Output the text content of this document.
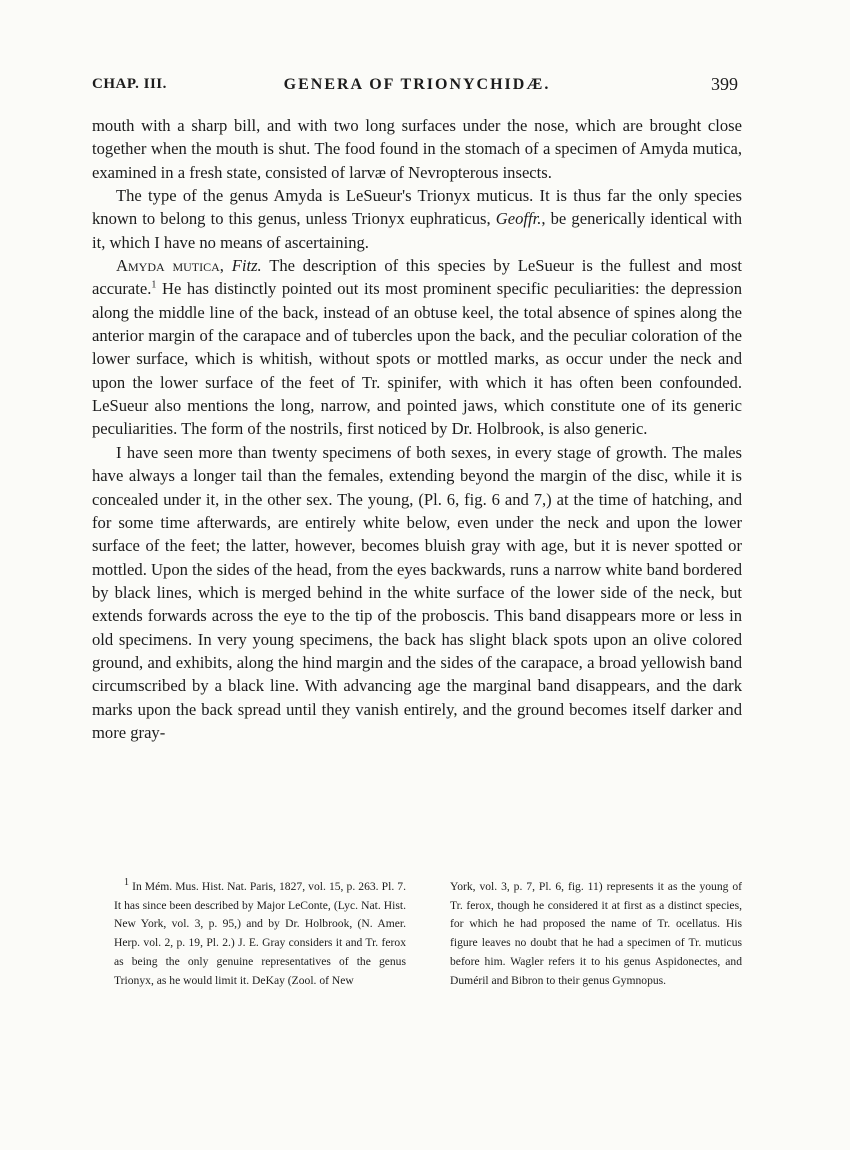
CHAP. III.	GENERA OF TRIONYCHIDÆ.	399

mouth with a sharp bill, and with two long surfaces under the nose, which are brought close together when the mouth is shut. The food found in the stomach of a specimen of Amyda mutica, examined in a fresh state, consisted of larvæ of Nevropterous insects.

The type of the genus Amyda is LeSueur's Trionyx muticus. It is thus far the only species known to belong to this genus, unless Trionyx euphraticus, Geoffr., be generically identical with it, which I have no means of ascertaining.

Amyda mutica, Fitz. The description of this species by LeSueur is the fullest and most accurate.$^1$ He has distinctly pointed out its most prominent specific peculiarities: the depression along the middle line of the back, instead of an obtuse keel, the total absence of spines along the anterior margin of the carapace and of tubercles upon the back, and the peculiar coloration of the lower surface, which is whitish, without spots or mottled marks, as occur under the neck and upon the lower surface of the feet of Tr. spinifer, with which it has often been confounded. LeSueur also mentions the long, narrow, and pointed jaws, which constitute one of its generic peculiarities. The form of the nostrils, first noticed by Dr. Holbrook, is also generic.

I have seen more than twenty specimens of both sexes, in every stage of growth. The males have always a longer tail than the females, extending beyond the margin of the disc, while it is concealed under it, in the other sex. The young, (Pl. 6, fig. 6 and 7,) at the time of hatching, and for some time afterwards, are entirely white below, even under the neck and upon the lower surface of the feet; the latter, however, becomes bluish gray with age, but it is never spotted or mottled. Upon the sides of the head, from the eyes backwards, runs a narrow white band bordered by black lines, which is merged behind in the white surface of the lower side of the neck, but extends forwards across the eye to the tip of the proboscis. This band disappears more or less in old specimens. In very young specimens, the back has slight black spots upon an olive colored ground, and exhibits, along the hind margin and the sides of the carapace, a broad yellowish band circumscribed by a black line. With advancing age the marginal band disappears, and the dark marks upon the back spread until they vanish entirely, and the ground becomes itself darker and more gray-

$^1$ In Mém. Mus. Hist. Nat. Paris, 1827, vol. 15, p. 263. Pl. 7. It has since been described by Major LeConte, (Lyc. Nat. Hist. New York, vol. 3, p. 95,) and by Dr. Holbrook, (N. Amer. Herp. vol. 2, p. 19, Pl. 2.) J. E. Gray considers it and Tr. ferox as being the only genuine representatives of the genus Trionyx, as he would limit it. DeKay (Zool. of New

York, vol. 3, p. 7, Pl. 6, fig. 11) represents it as the young of Tr. ferox, though he considered it at first as a distinct species, for which he had proposed the name of Tr. ocellatus. His figure leaves no doubt that he had a specimen of Tr. muticus before him. Wagler refers it to his genus Aspidonectes, and Duméril and Bibron to their genus Gymnopus.
